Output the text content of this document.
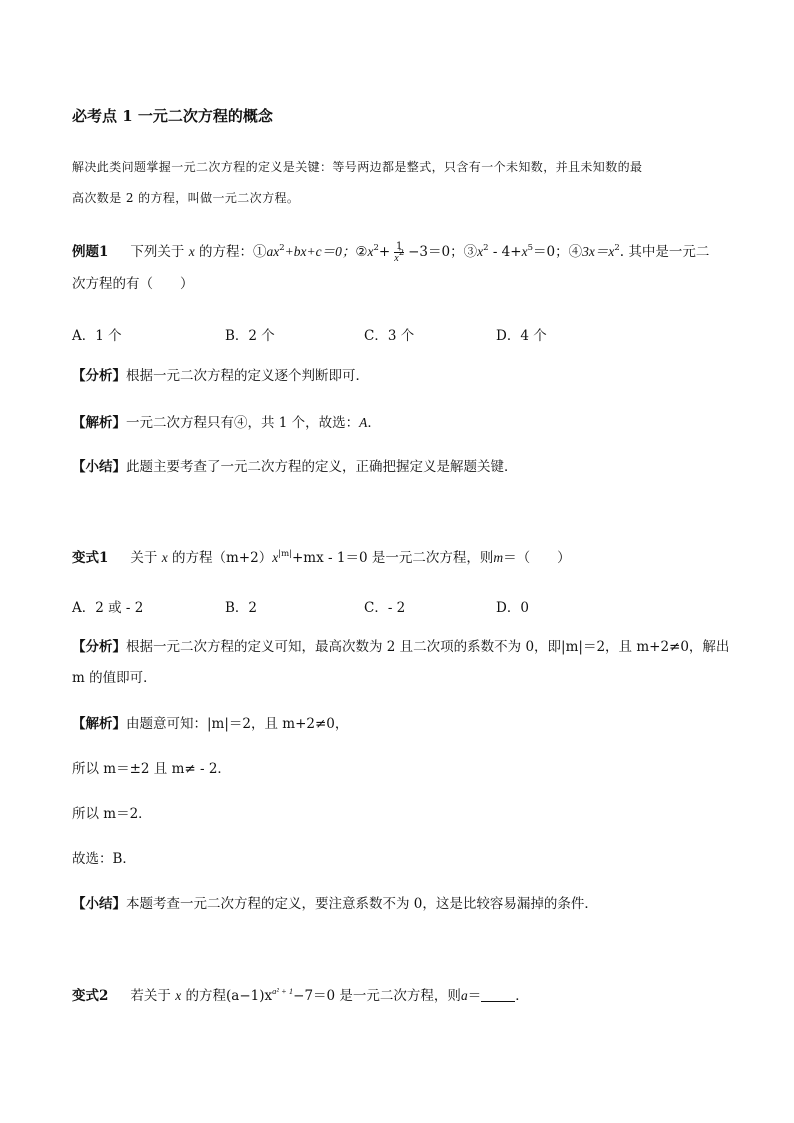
必考点 1 一元二次方程的概念
解决此类问题掌握一元二次方程的定义是关键：等号两边都是整式，只含有一个未知数，并且未知数的最
高次数是 2 的方程，叫做一元二次方程。
例题1 下列关于 x 的方程：$①ax^2+bx+c=0$；$②x^2+ \frac{1}{x^2} -3=0$；$③x^2 - 4+x^5=0$；$④3x=x^2$. 其中是一元二
次方程的有（　　）
A．1 个	B．2 个	C．3 个	D．4 个
【分析】根据一元二次方程的定义逐个判断即可．
【解析】一元二次方程只有④，共 1 个，故选：A．
【小结】此题主要考查了一元二次方程的定义，正确把握定义是解题关键．
变式1 关于 x 的方程$(m+2)x^{|m|}+mx - 1=0$ 是一元二次方程，则m＝（　　）
A．2 或 - 2	B．2	C．- 2	D．0
【分析】根据一元二次方程的定义可知，最高次数为 2 且二次项的系数不为 0，即|m|＝2，且 m+2≠0，解出
m 的值即可．
【解析】由题意可知：|m|＝2，且 m+2≠0，
所以 m＝±2 且 m≠ - 2．
所以 m＝2．
故选：B．
【小结】本题考查一元二次方程的定义，要注意系数不为 0，这是比较容易漏掉的条件．
变式2 若关于 x 的方程$(a-1)x^{a^2 + 1}-7=0$ 是一元二次方程，则a＝	．
